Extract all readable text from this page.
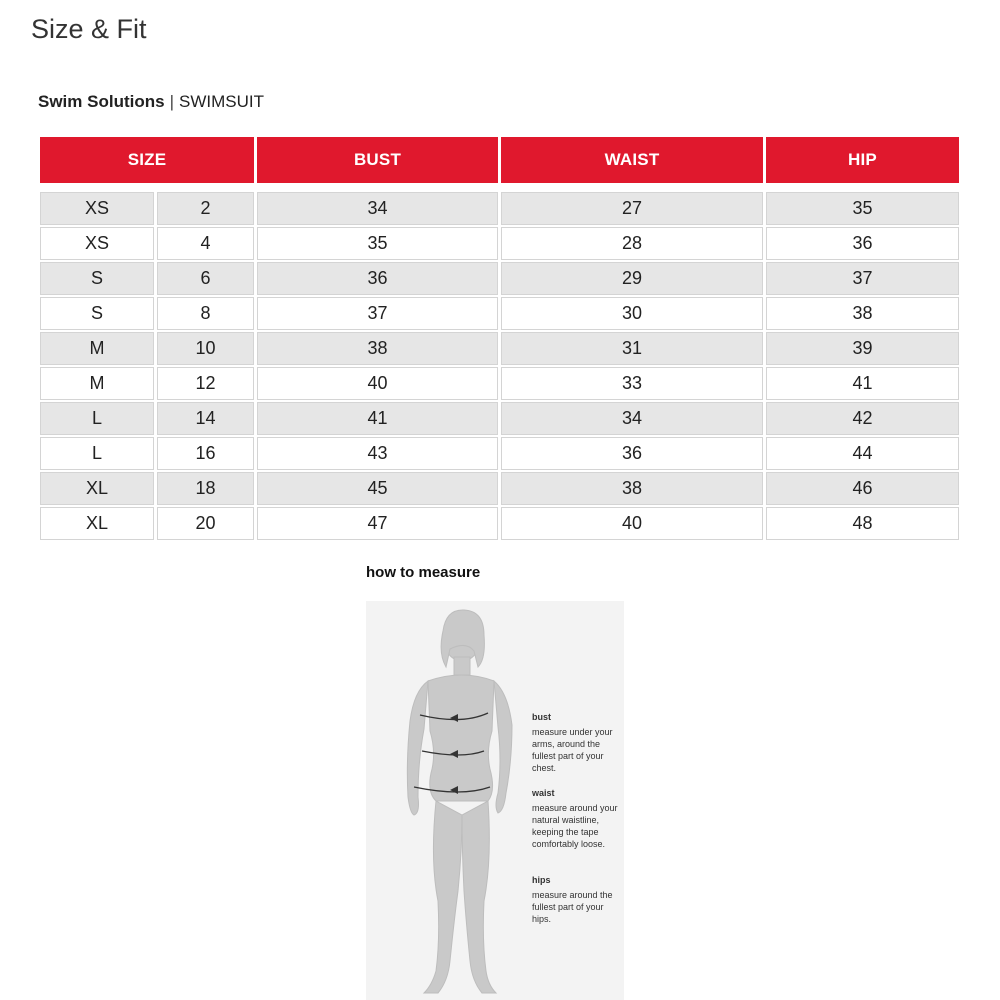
Size & Fit
Swim Solutions | SWIMSUIT
SIZE		BUST	WAIST	HIP

XS	2	34	27	35
XS	4	35	28	36
S	6	36	29	37
S	8	37	30	38
M	10	38	31	39
M	12	40	33	41
L	14	41	34	42
L	16	43	36	44
XL	18	45	38	46
XL	20	47	40	48
how to measure
bust
measure under your arms, around the fullest part of your chest.
waist
measure around your natural waistline, keeping the tape comfortably loose.
hips
measure around the fullest part of your hips.
